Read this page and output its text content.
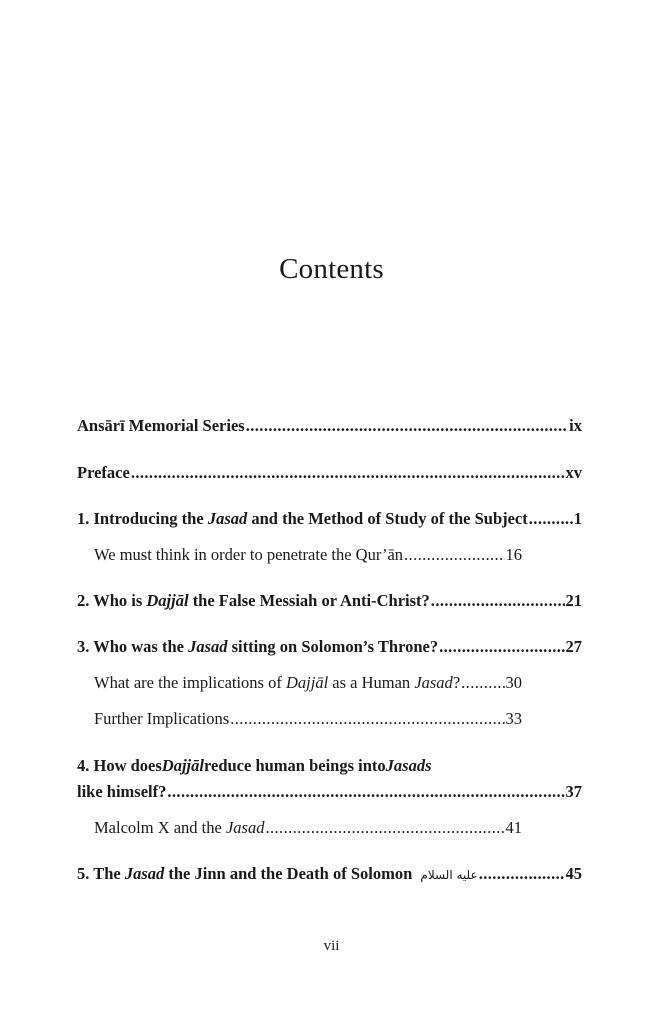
Contents
Ansārī Memorial Series .....	ix
Preface .....	xv
1. Introducing the Jasad and the Method of Study of the Subject .....	1
We must think in order to penetrate the Qur’ān .....	16
2. Who is Dajjāl the False Messiah or Anti-Christ? .....	21
3. Who was the Jasad sitting on Solomon’s Throne? .....	27
What are the implications of Dajjāl as a Human Jasad? .....	30
Further Implications .....	33
4. How does Dajjāl reduce human beings into Jasads
like himself? .....	37
Malcolm X and the Jasad .....	41
5. The Jasad the Jinn and the Death of Solomon عليه السلام .....	45
vii
